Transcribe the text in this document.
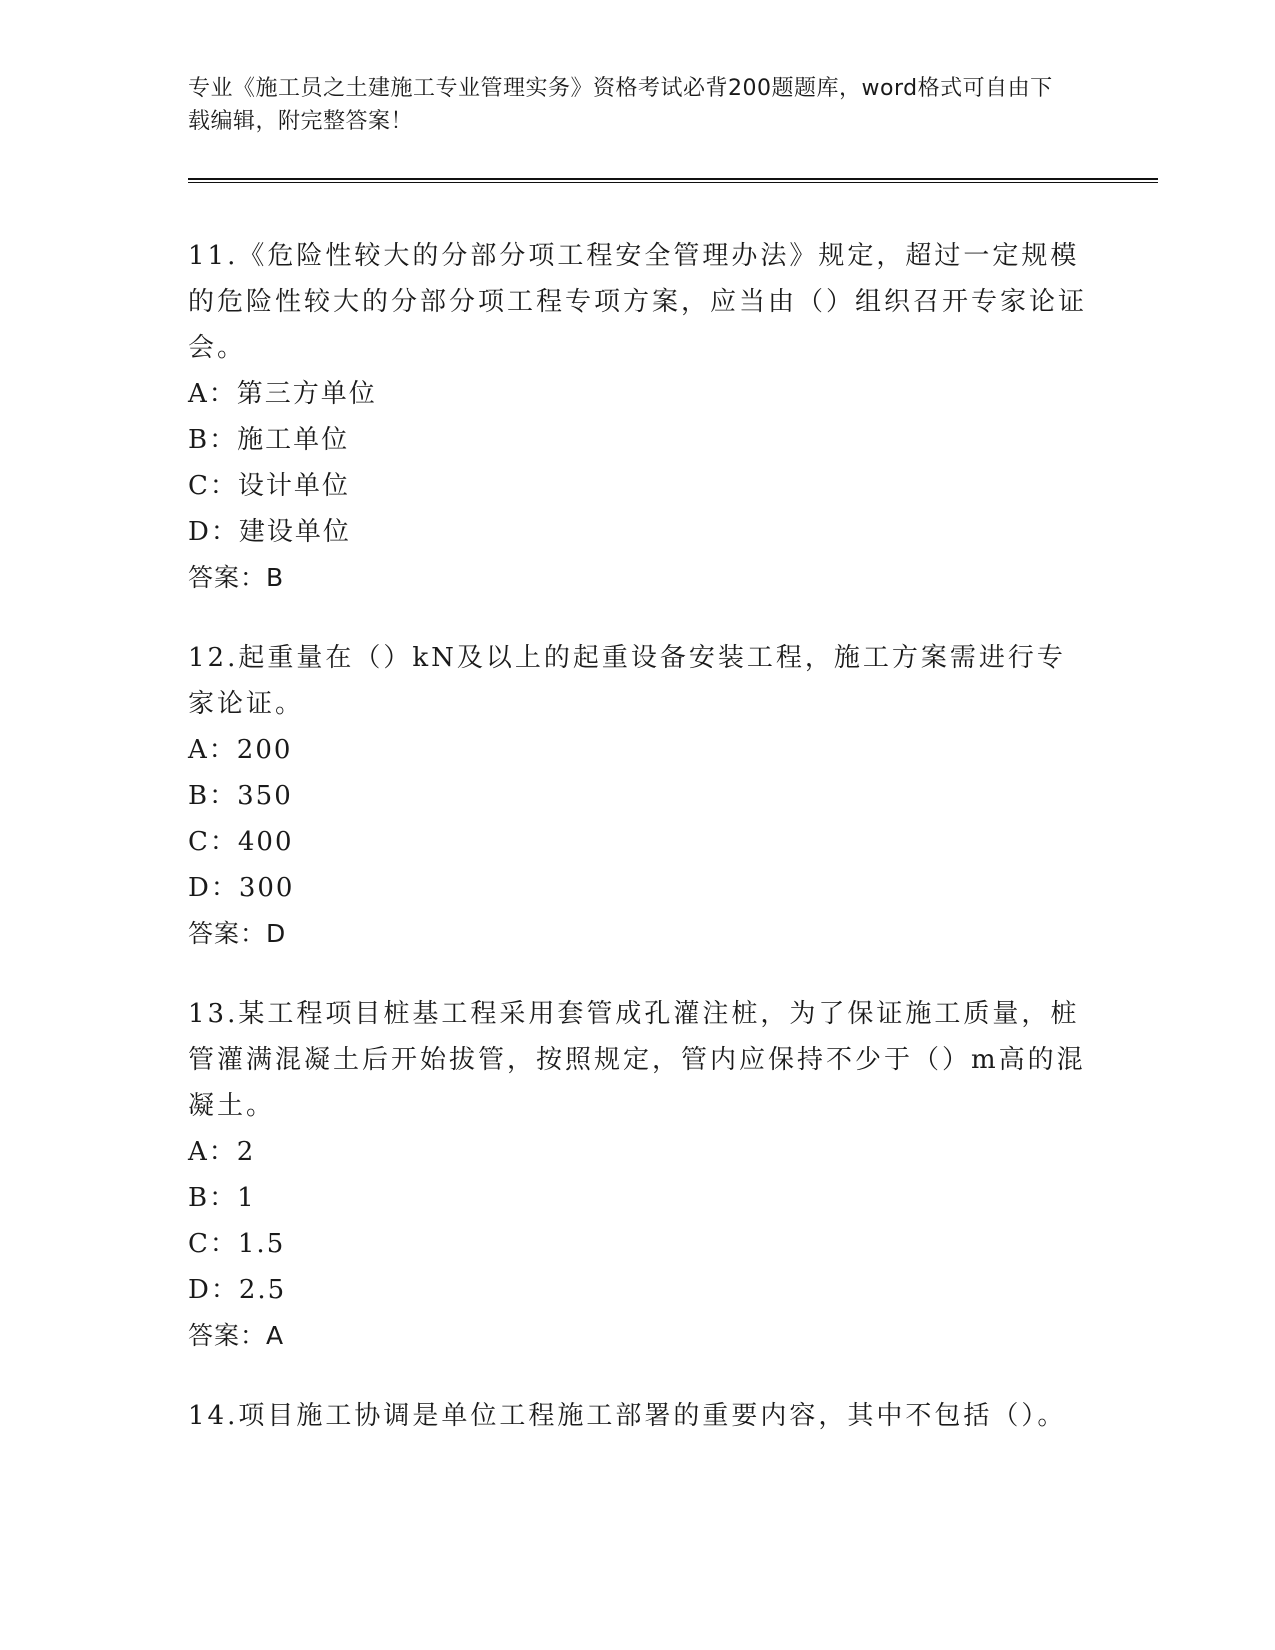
专业《施工员之土建施工专业管理实务》资格考试必背200题题库，word格式可自由下载编辑，附完整答案！

11.《危险性较大的分部分项工程安全管理办法》规定，超过一定规模的危险性较大的分部分项工程专项方案，应当由（）组织召开专家论证会。

A：第三方单位

B：施工单位

C：设计单位

D：建设单位

答案：B

12.起重量在（）kN及以上的起重设备安装工程，施工方案需进行专家论证。

A：200

B：350

C：400

D：300

答案：D

13.某工程项目桩基工程采用套管成孔灌注桩，为了保证施工质量，桩管灌满混凝土后开始拔管，按照规定，管内应保持不少于（）m高的混凝土。

A：2

B：1

C：1.5

D：2.5

答案：A

14.项目施工协调是单位工程施工部署的重要内容，其中不包括（）。
